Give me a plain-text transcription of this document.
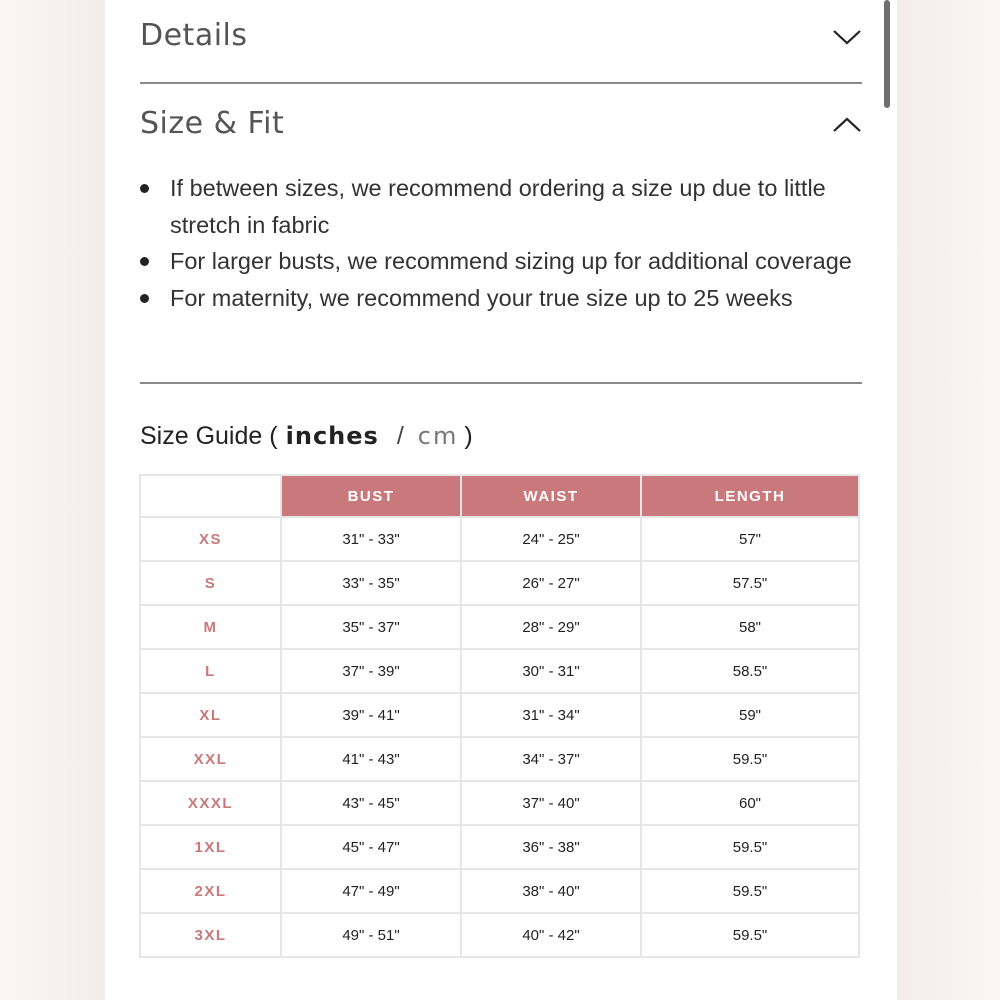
Details
Size & Fit
If between sizes, we recommend ordering a size up due to little stretch in fabric
For larger busts, we recommend sizing up for additional coverage
For maternity, we recommend your true size up to 25 weeks
Size Guide ( inches / cm )
	BUST	WAIST	LENGTH
XS	31" - 33"	24" - 25"	57"
S	33" - 35"	26" - 27"	57.5"
M	35" - 37"	28" - 29"	58"
L	37" - 39"	30" - 31"	58.5"
XL	39" - 41"	31" - 34"	59"
XXL	41" - 43"	34" - 37"	59.5"
XXXL	43" - 45"	37" - 40"	60"
1XL	45" - 47"	36" - 38"	59.5"
2XL	47" - 49"	38" - 40"	59.5"
3XL	49" - 51"	40" - 42"	59.5"
